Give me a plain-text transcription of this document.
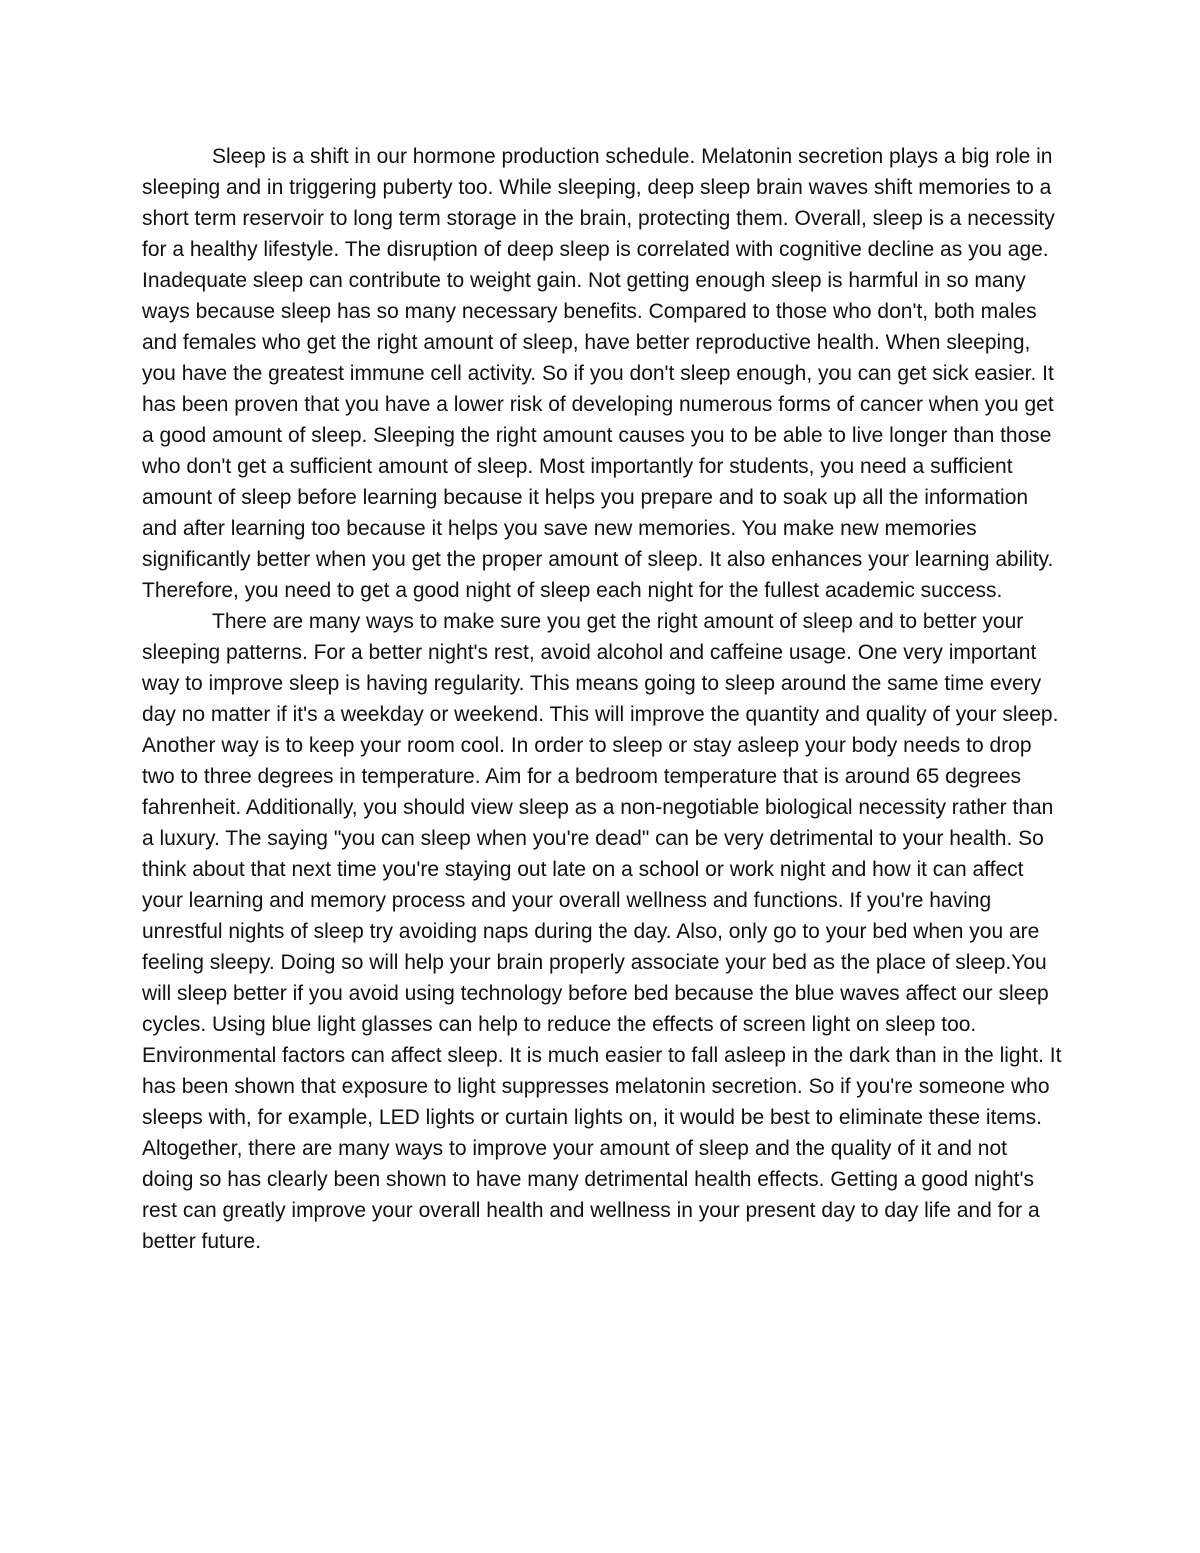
Sleep is a shift in our hormone production schedule. Melatonin secretion plays a big role in sleeping and in triggering puberty too. While sleeping, deep sleep brain waves shift memories to a short term reservoir to long term storage in the brain, protecting them. Overall, sleep is a necessity for a healthy lifestyle. The disruption of deep sleep is correlated with cognitive decline as you age. Inadequate sleep can contribute to weight gain. Not getting enough sleep is harmful in so many ways because sleep has so many necessary benefits. Compared to those who don't, both males and females who get the right amount of sleep, have better reproductive health. When sleeping, you have the greatest immune cell activity. So if you don't sleep enough, you can get sick easier. It has been proven that you have a lower risk of developing numerous forms of cancer when you get a good amount of sleep. Sleeping the right amount causes you to be able to live longer than those who don't get a sufficient amount of sleep. Most importantly for students, you need a sufficient amount of sleep before learning because it helps you prepare and to soak up all the information and after learning too because it helps you save new memories. You make new memories significantly better when you get the proper amount of sleep. It also enhances your learning ability. Therefore, you need to get a good night of sleep each night for the fullest academic success.

There are many ways to make sure you get the right amount of sleep and to better your sleeping patterns. For a better night's rest, avoid alcohol and caffeine usage. One very important way to improve sleep is having regularity. This means going to sleep around the same time every day no matter if it's a weekday or weekend. This will improve the quantity and quality of your sleep. Another way is to keep your room cool. In order to sleep or stay asleep your body needs to drop two to three degrees in temperature. Aim for a bedroom temperature that is around 65 degrees fahrenheit. Additionally, you should view sleep as a non-negotiable biological necessity rather than a luxury. The saying "you can sleep when you're dead" can be very detrimental to your health. So think about that next time you're staying out late on a school or work night and how it can affect your learning and memory process and your overall wellness and functions. If you're having unrestful nights of sleep try avoiding naps during the day. Also, only go to your bed when you are feeling sleepy. Doing so will help your brain properly associate your bed as the place of sleep.You will sleep better if you avoid using technology before bed because the blue waves affect our sleep cycles. Using blue light glasses can help to reduce the effects of screen light on sleep too. Environmental factors can affect sleep. It is much easier to fall asleep in the dark than in the light. It has been shown that exposure to light suppresses melatonin secretion. So if you're someone who sleeps with, for example, LED lights or curtain lights on, it would be best to eliminate these items. Altogether, there are many ways to improve your amount of sleep and the quality of it and not doing so has clearly been shown to have many detrimental health effects. Getting a good night's rest can greatly improve your overall health and wellness in your present day to day life and for a better future.
